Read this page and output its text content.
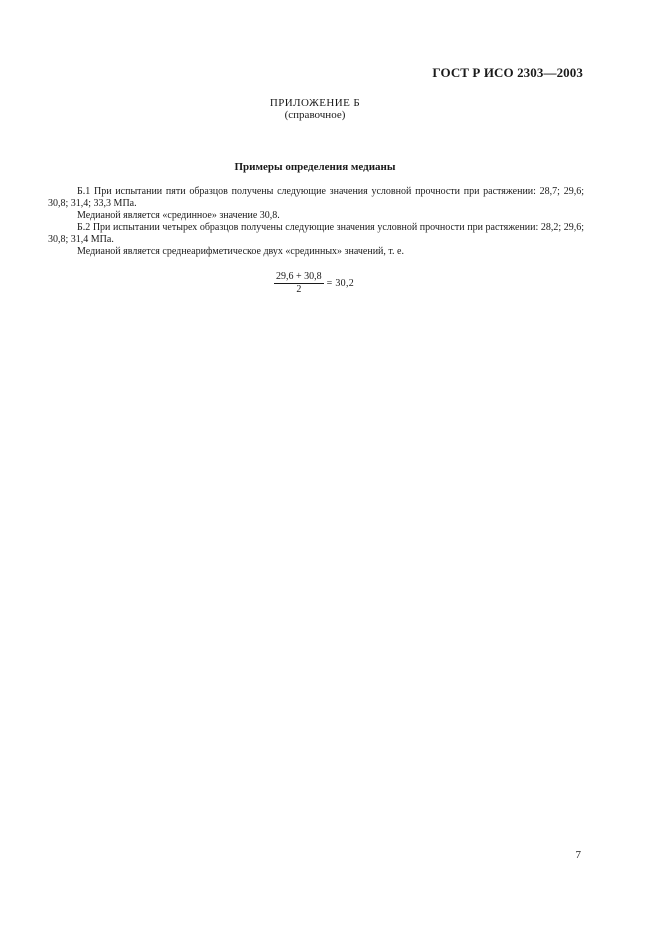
ГОСТ Р ИСО 2303—2003
ПРИЛОЖЕНИЕ Б
(справочное)
Примеры определения медианы

Б.1 При испытании пяти образцов получены следующие значения условной прочности при растяжении: 28,7; 29,6; 30,8; 31,4; 33,3 МПа.

Медианой является «срединное» значение 30,8.

Б.2 При испытании четырех образцов получены следующие значения условной прочности при растяжении: 28,2; 29,6; 30,8; 31,4 МПа.

Медианой является среднеарифметическое двух «срединных» значений, т. е.

$\frac{29,6 + 30,8}{2} = 30,2$
7
